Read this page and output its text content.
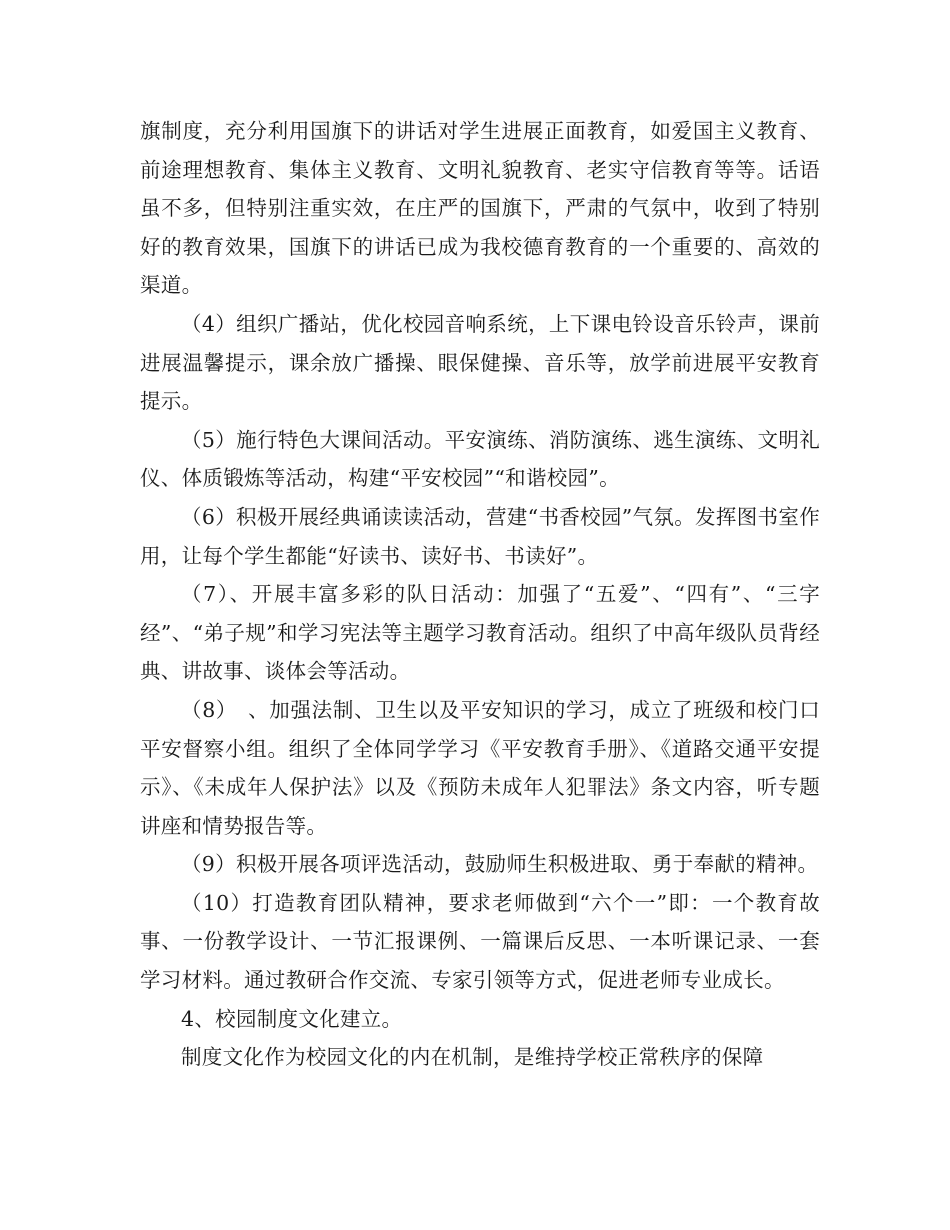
旗制度，充分利用国旗下的讲话对学生进展正面教育，如爱国主义教育、前途理想教育、集体主义教育、文明礼貌教育、老实守信教育等等。话语虽不多，但特别注重实效，在庄严的国旗下，严肃的气氛中，收到了特别好的教育效果，国旗下的讲话已成为我校德育教育的一个重要的、高效的渠道。

（4）组织广播站，优化校园音响系统，上下课电铃设音乐铃声，课前进展温馨提示，课余放广播操、眼保健操、音乐等，放学前进展平安教育提示。

（5）施行特色大课间活动。平安演练、消防演练、逃生演练、文明礼仪、体质锻炼等活动，构建“平安校园”“和谐校园”。

（6）积极开展经典诵读读活动，营建“书香校园”气氛。发挥图书室作用，让每个学生都能“好读书、读好书、书读好”。

（7）、开展丰富多彩的队日活动：加强了“五爱”、“四有”、“三字经”、“弟子规”和学习宪法等主题学习教育活动。组织了中高年级队员背经典、讲故事、谈体会等活动。

（8）　、加强法制、卫生以及平安知识的学习，成立了班级和校门口平安督察小组。组织了全体同学学习《平安教育手册》、《道路交通平安提示》、《未成年人保护法》以及《预防未成年人犯罪法》条文内容，听专题讲座和情势报告等。

（9）积极开展各项评选活动，鼓励师生积极进取、勇于奉献的精神。

（10）打造教育团队精神，要求老师做到“六个一”即：一个教育故事、一份教学设计、一节汇报课例、一篇课后反思、一本听课记录、一套学习材料。通过教研合作交流、专家引领等方式，促进老师专业成长。

4、校园制度文化建立。

制度文化作为校园文化的内在机制，是维持学校正常秩序的保障
